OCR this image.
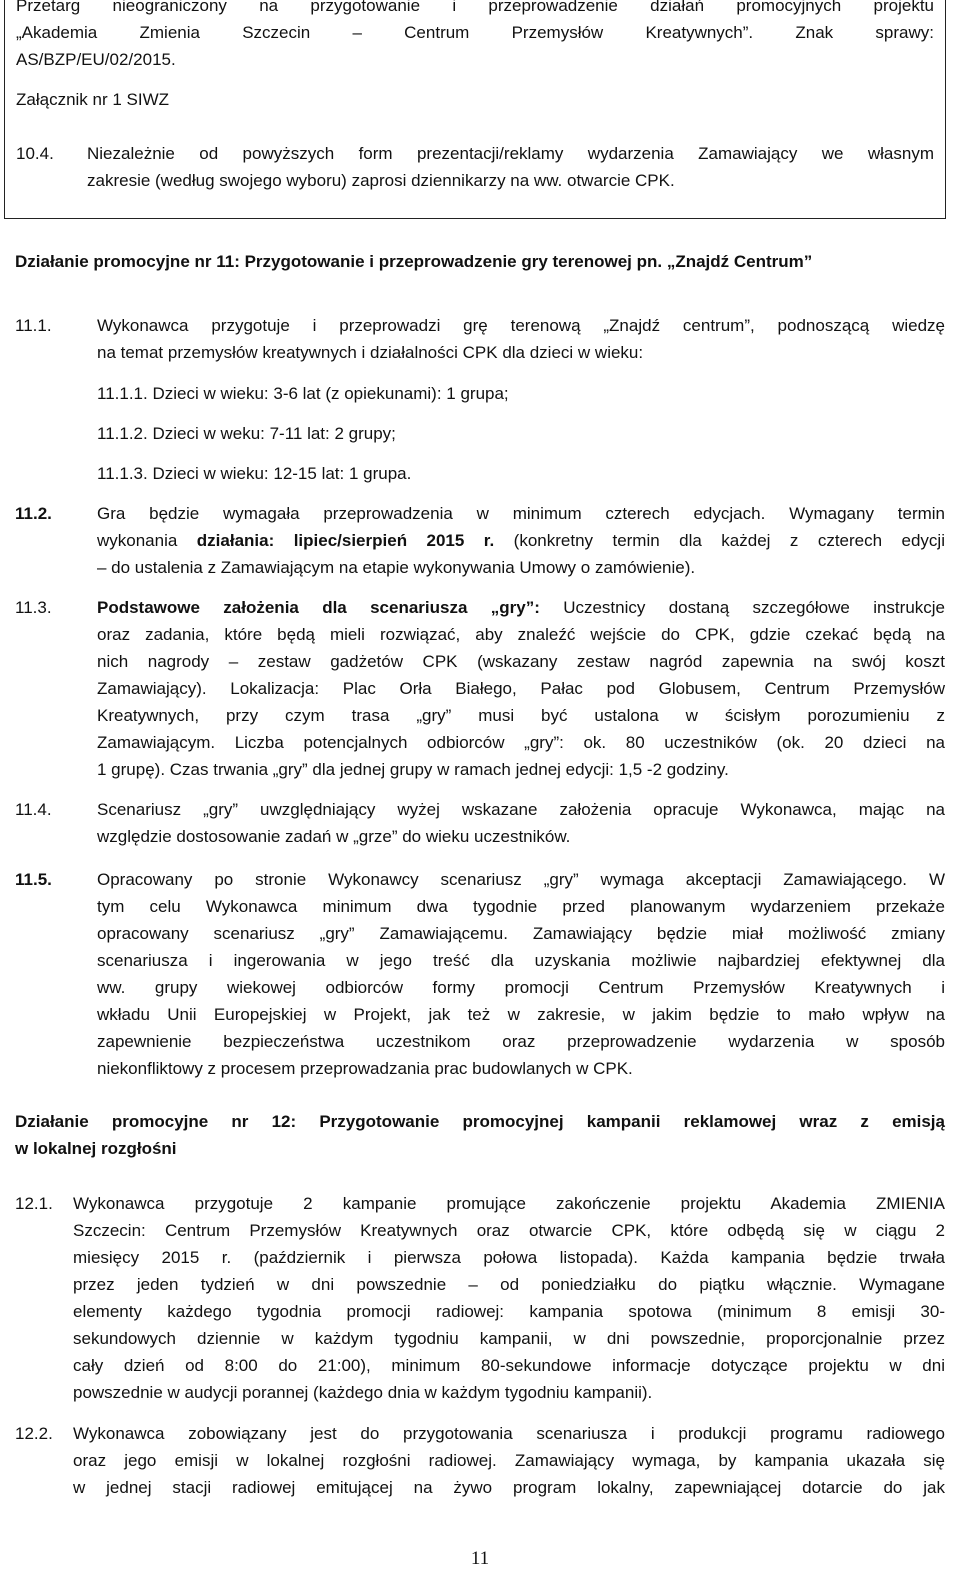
Przetarg nieograniczony na przygotowanie i przeprowadzenie działań promocyjnych projektu
„Akademia Zmienia Szczecin – Centrum Przemysłów Kreatywnych”. Znak sprawy:
AS/BZP/EU/02/2015.
Załącznik nr 1 SIWZ
10.4. Niezależnie od powyższych form prezentacji/reklamy wydarzenia Zamawiający we własnym
zakresie (według swojego wyboru) zaprosi dziennikarzy na ww. otwarcie CPK.
Działanie promocyjne nr 11: Przygotowanie i przeprowadzenie gry terenowej pn. „Znajdź Centrum”
11.1.	Wykonawca przygotuje i przeprowadzi grę terenową „Znajdź centrum”, podnoszącą wiedzę
na temat przemysłów kreatywnych i działalności CPK dla dzieci w wieku:
11.1.1. Dzieci w wieku: 3-6 lat (z opiekunami): 1 grupa;
11.1.2. Dzieci w weku: 7-11 lat: 2 grupy;
11.1.3. Dzieci w wieku: 12-15 lat: 1 grupa.
11.2.	Gra będzie wymagała przeprowadzenia w minimum czterech edycjach. Wymagany termin
wykonania działania: lipiec/sierpień 2015 r. (konkretny termin dla każdej z czterech edycji
– do ustalenia z Zamawiającym na etapie wykonywania Umowy o zamówienie).
11.3.	Podstawowe założenia dla scenariusza „gry”: Uczestnicy dostaną szczegółowe instrukcje
oraz zadania, które będą mieli rozwiązać, aby znaleźć wejście do CPK, gdzie czekać będą na
nich nagrody – zestaw gadżetów CPK (wskazany zestaw nagród zapewnia na swój koszt
Zamawiający). Lokalizacja: Plac Orła Białego, Pałac pod Globusem, Centrum Przemysłów
Kreatywnych, przy czym trasa „gry” musi być ustalona w ścisłym porozumieniu z
Zamawiającym. Liczba potencjalnych odbiorców „gry”: ok. 80 uczestników (ok. 20 dzieci na
1 grupę). Czas trwania „gry” dla jednej grupy w ramach jednej edycji: 1,5 -2 godziny.
11.4.	Scenariusz „gry” uwzględniający wyżej wskazane założenia opracuje Wykonawca, mając na
względzie dostosowanie zadań w „grze” do wieku uczestników.
11.5.	Opracowany po stronie Wykonawcy scenariusz „gry” wymaga akceptacji Zamawiającego. W
tym celu Wykonawca minimum dwa tygodnie przed planowanym wydarzeniem przekaże
opracowany scenariusz „gry” Zamawiającemu. Zamawiający będzie miał możliwość zmiany
scenariusza i ingerowania w jego treść dla uzyskania możliwie najbardziej efektywnej dla
ww. grupy wiekowej odbiorców formy promocji Centrum Przemysłów Kreatywnych i
wkładu Unii Europejskiej w Projekt, jak też w zakresie, w jakim będzie to mało wpływ na
zapewnienie bezpieczeństwa uczestnikom oraz przeprowadzenie wydarzenia w sposób
niekonfliktowy z procesem przeprowadzania prac budowlanych w CPK.
Działanie promocyjne nr 12: Przygotowanie promocyjnej kampanii reklamowej wraz z emisją
w lokalnej rozgłośni
12.1. Wykonawca przygotuje 2 kampanie promujące zakończenie projektu Akademia ZMIENIA
Szczecin: Centrum Przemysłów Kreatywnych oraz otwarcie CPK, które odbędą się w ciągu 2
miesięcy 2015 r. (październik i pierwsza połowa listopada). Każda kampania będzie trwała
przez jeden tydzień w dni powszednie – od poniedziałku do piątku włącznie. Wymagane
elementy każdego tygodnia promocji radiowej: kampania spotowa (minimum 8 emisji 30-
sekundowych dziennie w każdym tygodniu kampanii, w dni powszednie, proporcjonalnie przez
cały dzień od 8:00 do 21:00), minimum 80-sekundowe informacje dotyczące projektu w dni
powszednie w audycji porannej (każdego dnia w każdym tygodniu kampanii).
12.2. Wykonawca zobowiązany jest do przygotowania scenariusza i produkcji programu radiowego
oraz jego emisji w lokalnej rozgłośni radiowej. Zamawiający wymaga, by kampania ukazała się
w jednej stacji radiowej emitującej na żywo program lokalny, zapewniającej dotarcie do jak
11
